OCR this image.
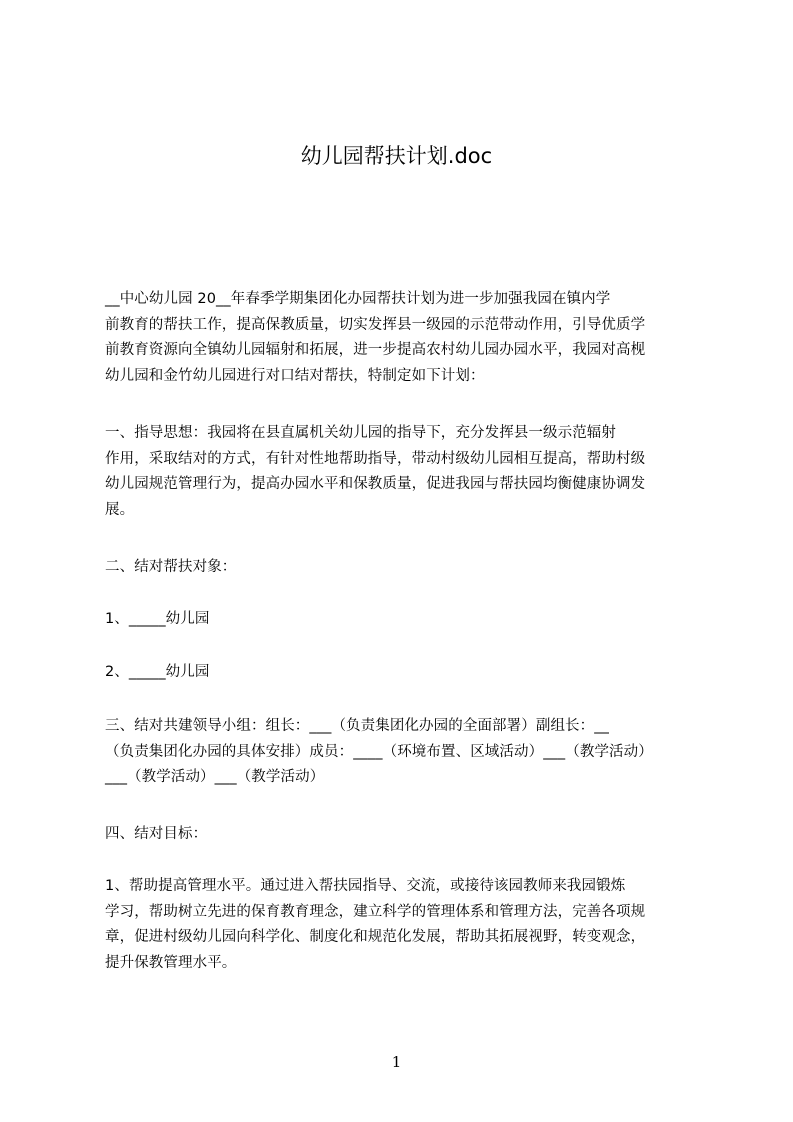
幼儿园帮扶计划.doc
__中心幼儿园 20__年春季学期集团化办园帮扶计划为进一步加强我园在镇内学
前教育的帮扶工作，提高保教质量，切实发挥县一级园的示范带动作用，引导优质学
前教育资源向全镇幼儿园辐射和拓展，进一步提高农村幼儿园办园水平，我园对高枧
幼儿园和金竹幼儿园进行对口结对帮扶，特制定如下计划：
一、指导思想：我园将在县直属机关幼儿园的指导下，充分发挥县一级示范辐射
作用，采取结对的方式，有针对性地帮助指导，带动村级幼儿园相互提高，帮助村级
幼儿园规范管理行为，提高办园水平和保教质量，促进我园与帮扶园均衡健康协调发
展。
二、结对帮扶对象：
1、_____幼儿园
2、_____幼儿园
三、结对共建领导小组：组长：___（负责集团化办园的全面部署）副组长：__
（负责集团化办园的具体安排）成员：____（环境布置、区域活动）___（教学活动）
___（教学活动）___（教学活动）
四、结对目标：
1、帮助提高管理水平。通过进入帮扶园指导、交流，或接待该园教师来我园锻炼
学习，帮助树立先进的保育教育理念，建立科学的管理体系和管理方法，完善各项规
章，促进村级幼儿园向科学化、制度化和规范化发展，帮助其拓展视野，转变观念，
提升保教管理水平。
1
